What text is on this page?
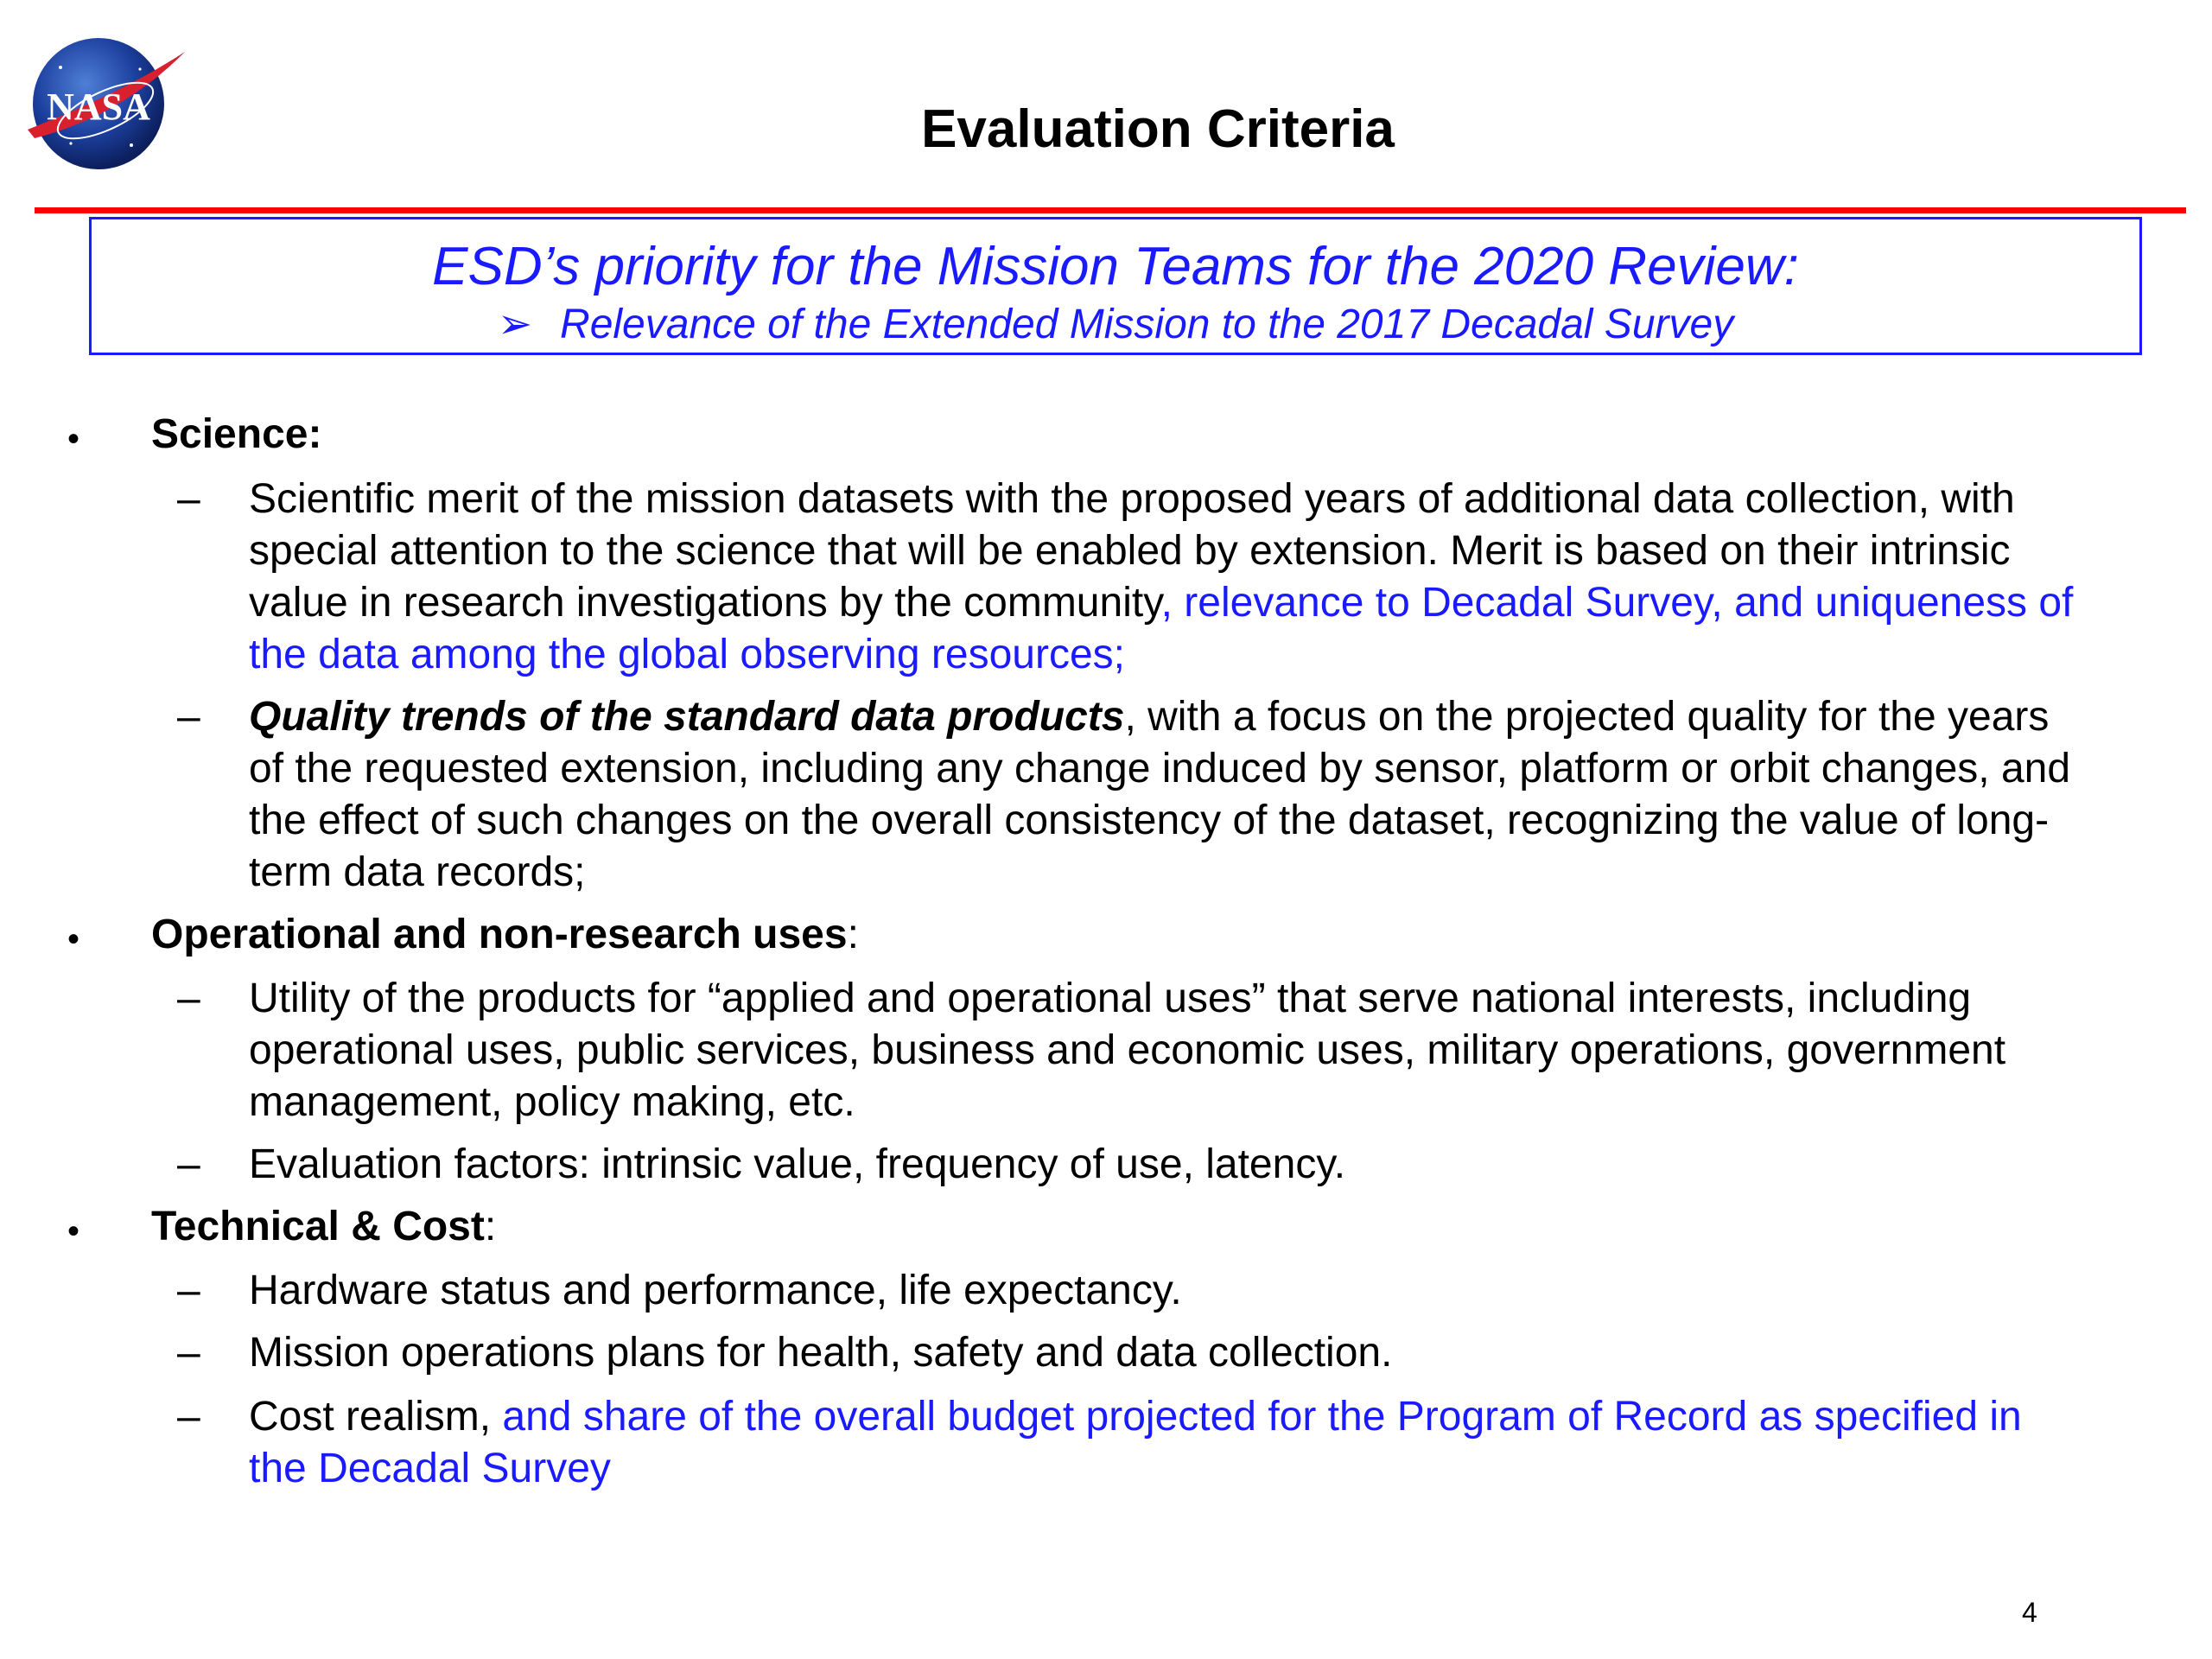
NASA	Evaluation Criteria
ESD’s priority for the Mission Teams for the 2020 Review:
➢ Relevance of the Extended Mission to the 2017 Decadal Survey
• Science:
– Scientific merit of the mission datasets with the proposed years of additional data collection, with
special attention to the science that will be enabled by extension. Merit is based on their intrinsic
value in research investigations by the community, relevance to Decadal Survey, and uniqueness of
the data among the global observing resources;
– Quality trends of the standard data products, with a focus on the projected quality for the years
of the requested extension, including any change induced by sensor, platform or orbit changes, and
the effect of such changes on the overall consistency of the dataset, recognizing the value of long-
term data records;
• Operational and non-research uses:
– Utility of the products for “applied and operational uses” that serve national interests, including
operational uses, public services, business and economic uses, military operations, government
management, policy making, etc.
– Evaluation factors: intrinsic value, frequency of use, latency.
• Technical & Cost:
– Hardware status and performance, life expectancy.
– Mission operations plans for health, safety and data collection.
– Cost realism, and share of the overall budget projected for the Program of Record as specified in
the Decadal Survey
4
